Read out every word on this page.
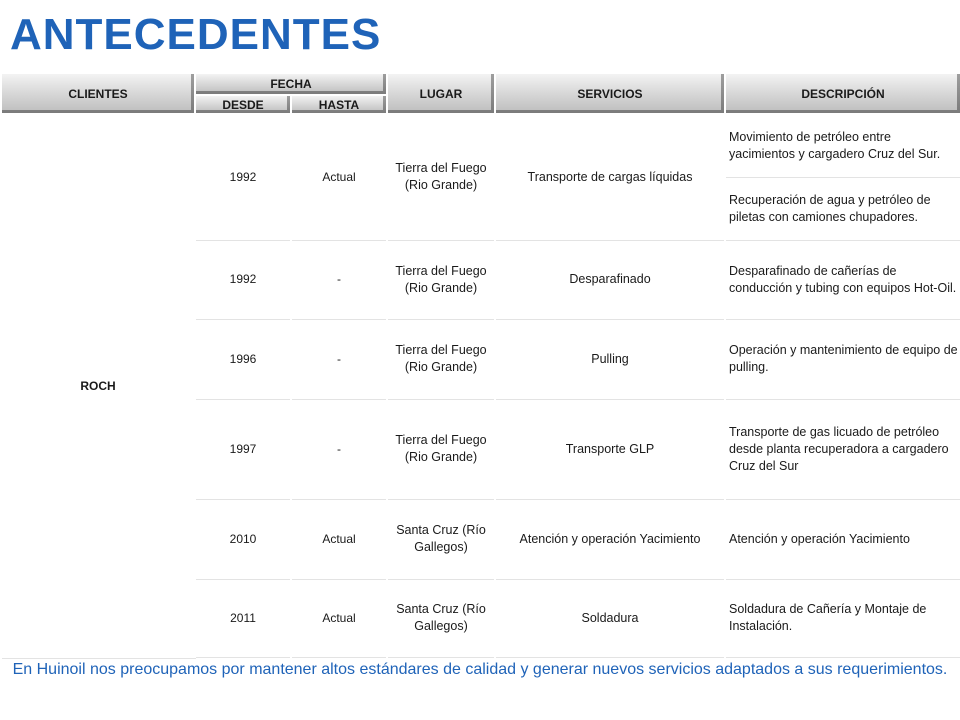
ANTECEDENTES
CLIENTES	FECHA		LUGAR	SERVICIOS	DESCRIPCIÓN
	DESDE	HASTA			
ROCH	1992	Actual	Tierra del Fuego (Rio Grande)	Transporte de cargas líquidas	Movimiento de petróleo entre yacimientos y cargadero Cruz del Sur.
					Recuperación de agua y petróleo de piletas con camiones chupadores.
	1992	-	Tierra del Fuego (Rio Grande)	Desparafinado	Desparafinado de cañerías de conducción y tubing con equipos Hot-Oil.
	1996	-	Tierra del Fuego (Rio Grande)	Pulling	Operación y mantenimiento de equipo de pulling.
	1997	-	Tierra del Fuego (Rio Grande)	Transporte GLP	Transporte de gas licuado de petróleo desde planta recuperadora a cargadero Cruz del Sur
	2010	Actual	Santa Cruz (Río Gallegos)	Atención y operación Yacimiento	Atención y operación Yacimiento
	2011	Actual	Santa Cruz (Río Gallegos)	Soldadura	Soldadura de Cañería y Montaje de Instalación.

En Huinoil nos preocupamos por mantener altos estándares de calidad y generar nuevos servicios adaptados a sus requerimientos.
